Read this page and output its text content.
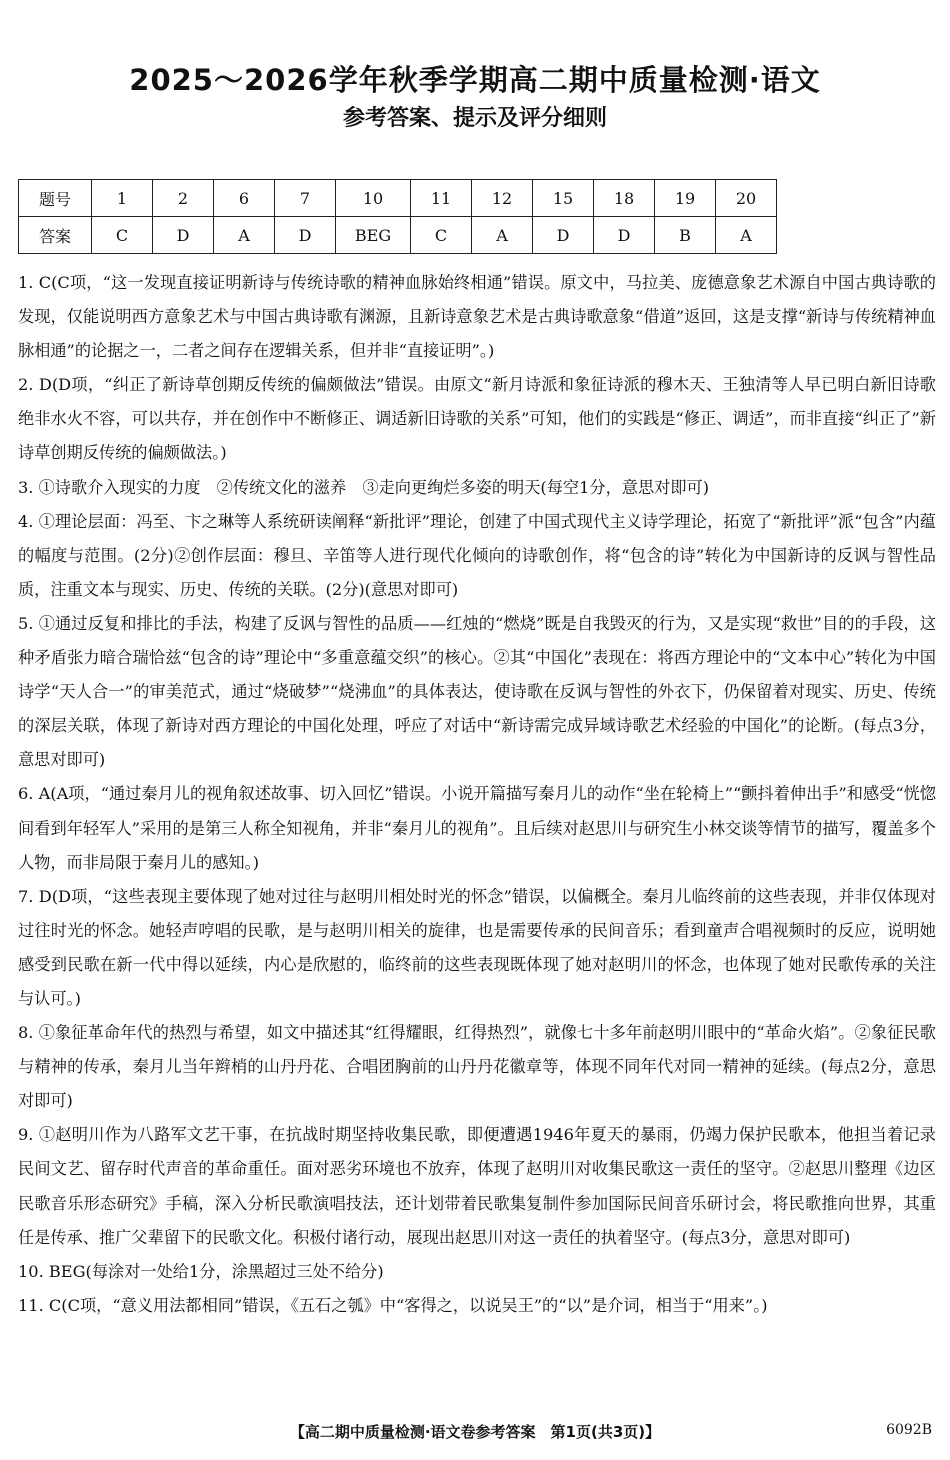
2025～2026学年秋季学期高二期中质量检测·语文
参考答案、提示及评分细则
题号	1	2	6	7	10	11	12	15	18	19	20
答案	C	D	A	D	BEG	C	A	D	D	B	A

1. C(C项，“这一发现直接证明新诗与传统诗歌的精神血脉始终相通”错误。原文中，马拉美、庞德意象艺术源自中国古典诗歌的发现，仅能说明西方意象艺术与中国古典诗歌有渊源，且新诗意象艺术是古典诗歌意象“借道”返回，这是支撑“新诗与传统精神血脉相通”的论据之一，二者之间存在逻辑关系，但并非“直接证明”。)

2. D(D项，“纠正了新诗草创期反传统的偏颇做法”错误。由原文“新月诗派和象征诗派的穆木天、王独清等人早已明白新旧诗歌绝非水火不容，可以共存，并在创作中不断修正、调适新旧诗歌的关系”可知，他们的实践是“修正、调适”，而非直接“纠正了”新诗草创期反传统的偏颇做法。)

3. ①诗歌介入现实的力度　②传统文化的滋养　③走向更绚烂多姿的明天(每空1分，意思对即可)

4. ①理论层面：冯至、卞之琳等人系统研读阐释“新批评”理论，创建了中国式现代主义诗学理论，拓宽了“新批评”派“包含”内蕴的幅度与范围。(2分)②创作层面：穆旦、辛笛等人进行现代化倾向的诗歌创作，将“包含的诗”转化为中国新诗的反讽与智性品质，注重文本与现实、历史、传统的关联。(2分)(意思对即可)

5. ①通过反复和排比的手法，构建了反讽与智性的品质——红烛的“燃烧”既是自我毁灭的行为，又是实现“救世”目的的手段，这种矛盾张力暗合瑞恰兹“包含的诗”理论中“多重意蕴交织”的核心。②其“中国化”表现在：将西方理论中的“文本中心”转化为中国诗学“天人合一”的审美范式，通过“烧破梦”“烧沸血”的具体表达，使诗歌在反讽与智性的外衣下，仍保留着对现实、历史、传统的深层关联，体现了新诗对西方理论的中国化处理，呼应了对话中“新诗需完成异域诗歌艺术经验的中国化”的论断。(每点3分，意思对即可)

6. A(A项，“通过秦月儿的视角叙述故事、切入回忆”错误。小说开篇描写秦月儿的动作“坐在轮椅上”“颤抖着伸出手”和感受“恍惚间看到年轻军人”采用的是第三人称全知视角，并非“秦月儿的视角”。且后续对赵思川与研究生小林交谈等情节的描写，覆盖多个人物，而非局限于秦月儿的感知。)

7. D(D项，“这些表现主要体现了她对过往与赵明川相处时光的怀念”错误，以偏概全。秦月儿临终前的这些表现，并非仅体现对过往时光的怀念。她轻声哼唱的民歌，是与赵明川相关的旋律，也是需要传承的民间音乐；看到童声合唱视频时的反应，说明她感受到民歌在新一代中得以延续，内心是欣慰的，临终前的这些表现既体现了她对赵明川的怀念，也体现了她对民歌传承的关注与认可。)

8. ①象征革命年代的热烈与希望，如文中描述其“红得耀眼，红得热烈”，就像七十多年前赵明川眼中的“革命火焰”。②象征民歌与精神的传承，秦月儿当年辫梢的山丹丹花、合唱团胸前的山丹丹花徽章等，体现不同年代对同一精神的延续。(每点2分，意思对即可)

9. ①赵明川作为八路军文艺干事，在抗战时期坚持收集民歌，即便遭遇1946年夏天的暴雨，仍竭力保护民歌本，他担当着记录民间文艺、留存时代声音的革命重任。面对恶劣环境也不放弃，体现了赵明川对收集民歌这一责任的坚守。②赵思川整理《边区民歌音乐形态研究》手稿，深入分析民歌演唱技法，还计划带着民歌集复制件参加国际民间音乐研讨会，将民歌推向世界，其重任是传承、推广父辈留下的民歌文化。积极付诸行动，展现出赵思川对这一责任的执着坚守。(每点3分，意思对即可)

10. BEG(每涂对一处给1分，涂黑超过三处不给分)

11. C(C项，“意义用法都相同”错误，《五石之瓠》中“客得之，以说吴王”的“以”是介词，相当于“用来”。)

【高二期中质量检测·语文卷参考答案　第1页(共3页)】	6092B
